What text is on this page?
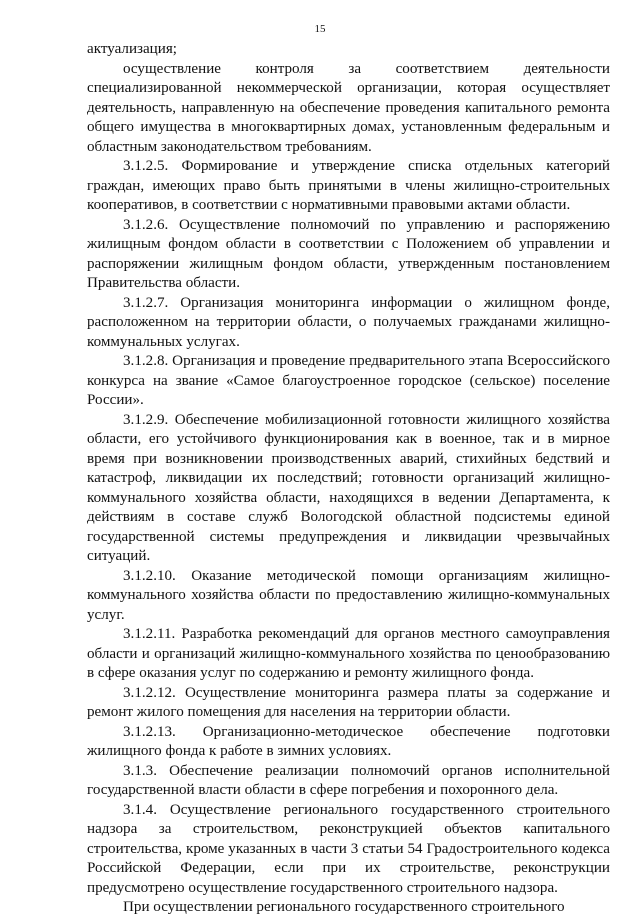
15

актуализация;

осуществление контроля за соответствием деятельности специализированной некоммерческой организации, которая осуществляет деятельность, направленную на обеспечение проведения капитального ремонта общего имущества в многоквартирных домах, установленным федеральным и областным законодательством требованиям.

3.1.2.5. Формирование и утверждение списка отдельных категорий граждан, имеющих право быть принятыми в члены жилищно-строительных кооперативов, в соответствии с нормативными правовыми актами области.

3.1.2.6. Осуществление полномочий по управлению и распоряжению жилищным фондом области в соответствии с Положением об управлении и распоряжении жилищным фондом области, утвержденным постановлением Правительства области.

3.1.2.7. Организация мониторинга информации о жилищном фонде, расположенном на территории области, о получаемых гражданами жилищно-коммунальных услугах.

3.1.2.8. Организация и проведение предварительного этапа Всероссийского конкурса на звание «Самое благоустроенное городское (сельское) поселение России».

3.1.2.9. Обеспечение мобилизационной готовности жилищного хозяйства области, его устойчивого функционирования как в военное, так и в мирное время при возникновении производственных аварий, стихийных бедствий и катастроф, ликвидации их последствий; готовности организаций жилищно-коммунального хозяйства области, находящихся в ведении Департамента, к действиям в составе служб Вологодской областной подсистемы единой государственной системы предупреждения и ликвидации чрезвычайных ситуаций.

3.1.2.10. Оказание методической помощи организациям жилищно-коммунального хозяйства области по предоставлению жилищно-коммунальных услуг.

3.1.2.11. Разработка рекомендаций для органов местного самоуправления области и организаций жилищно-коммунального хозяйства по ценообразованию в сфере оказания услуг по содержанию и ремонту жилищного фонда.

3.1.2.12. Осуществление мониторинга размера платы за содержание и ремонт жилого помещения для населения на территории области.

3.1.2.13. Организационно-методическое обеспечение подготовки жилищного фонда к работе в зимних условиях.

3.1.3. Обеспечение реализации полномочий органов исполнительной государственной власти области в сфере погребения и похоронного дела.

3.1.4. Осуществление регионального государственного строительного надзора за строительством, реконструкцией объектов капитального строительства, кроме указанных в части 3 статьи 54 Градостроительного кодекса Российской Федерации, если при их строительстве, реконструкции предусмотрено осуществление государственного строительного надзора.

При осуществлении регионального государственного строительного
